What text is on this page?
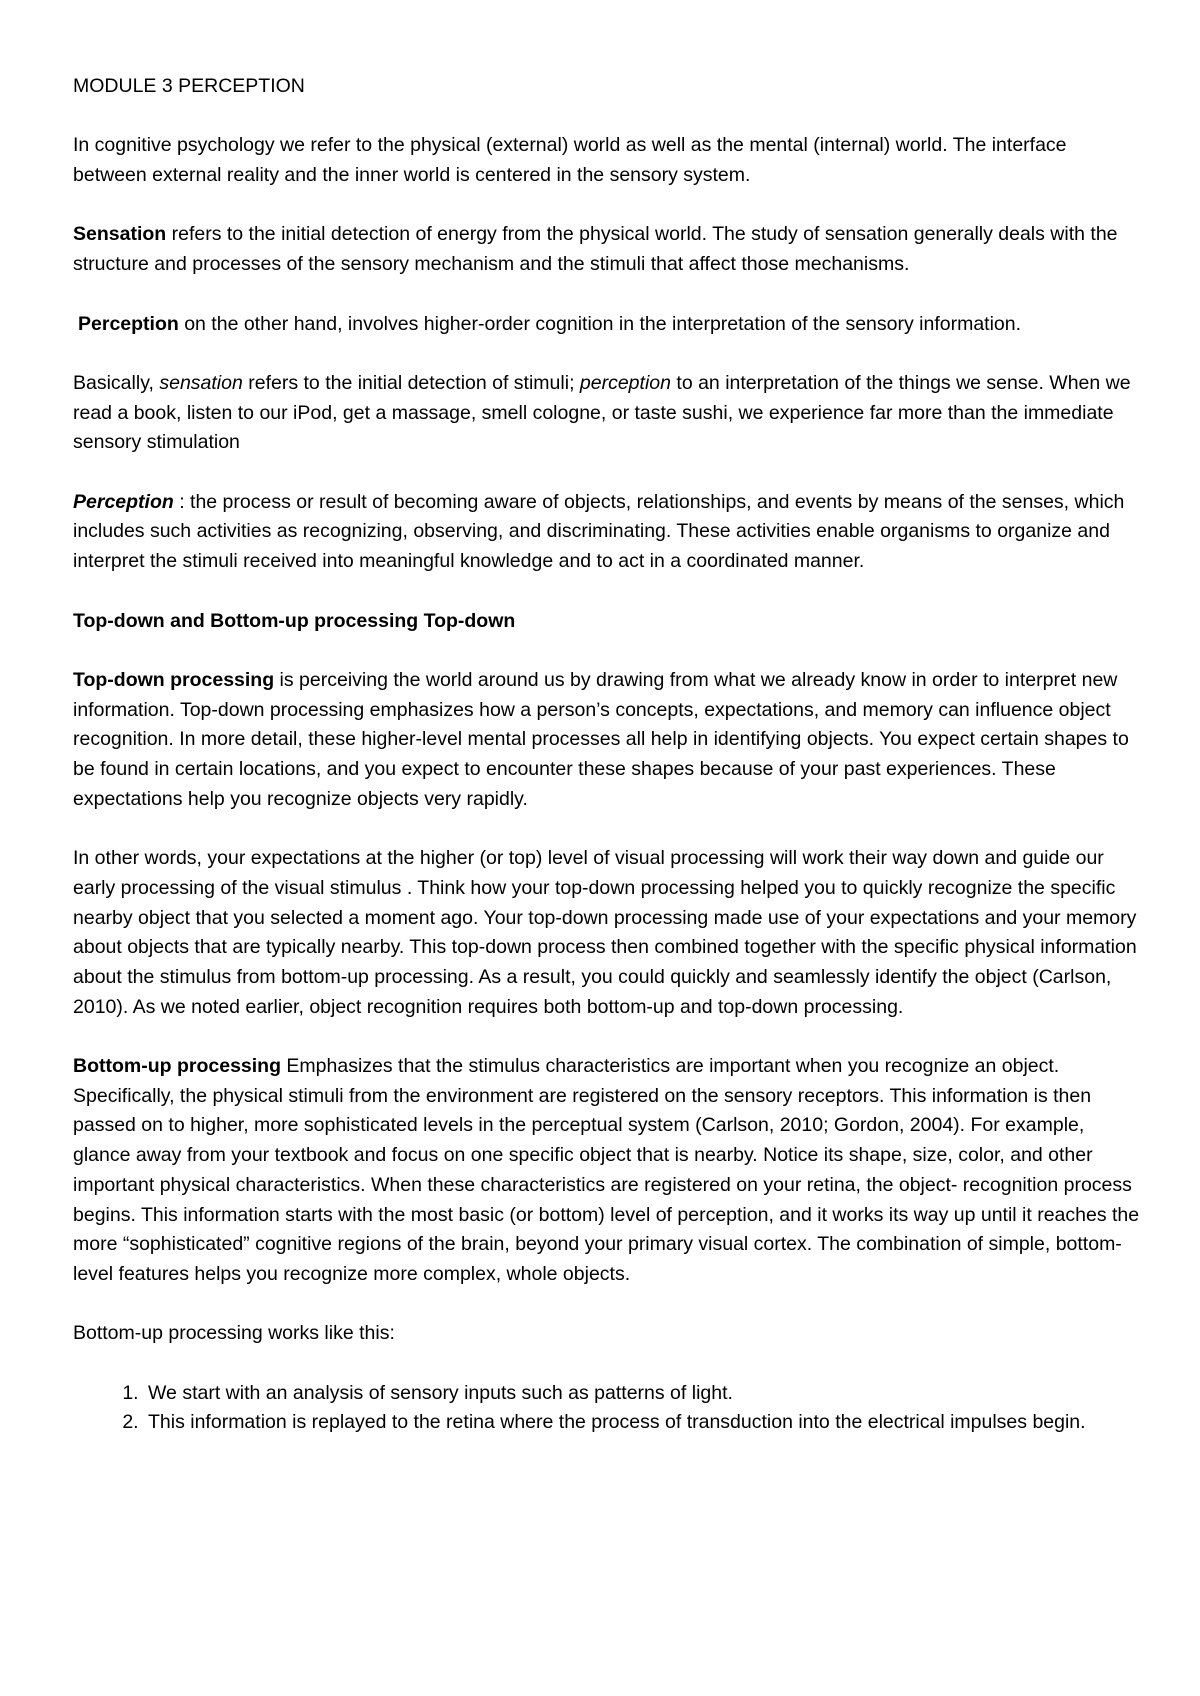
MODULE 3 PERCEPTION

In cognitive psychology we refer to the physical (external) world as well as the mental (internal) world. The interface between external reality and the inner world is centered in the sensory system.

Sensation refers to the initial detection of energy from the physical world. The study of sensation generally deals with the structure and processes of the sensory mechanism and the stimuli that affect those mechanisms.

Perception on the other hand, involves higher-order cognition in the interpretation of the sensory information.

Basically, sensation refers to the initial detection of stimuli; perception to an interpretation of the things we sense. When we read a book, listen to our iPod, get a massage, smell cologne, or taste sushi, we experience far more than the immediate sensory stimulation

Perception : the process or result of becoming aware of objects, relationships, and events by means of the senses, which includes such activities as recognizing, observing, and discriminating. These activities enable organisms to organize and interpret the stimuli received into meaningful knowledge and to act in a coordinated manner.

Top-down and Bottom-up processing Top-down

Top-down processing is perceiving the world around us by drawing from what we already know in order to interpret new information. Top-down processing emphasizes how a person’s concepts, expectations, and memory can influence object recognition. In more detail, these higher-level mental processes all help in identifying objects. You expect certain shapes to be found in certain locations, and you expect to encounter these shapes because of your past experiences. These expectations help you recognize objects very rapidly.

In other words, your expectations at the higher (or top) level of visual processing will work their way down and guide our early processing of the visual stimulus . Think how your top-down processing helped you to quickly recognize the specific nearby object that you selected a moment ago. Your top-down processing made use of your expectations and your memory about objects that are typically nearby. This top-down process then combined together with the specific physical information about the stimulus from bottom-up processing. As a result, you could quickly and seamlessly identify the object (Carlson, 2010). As we noted earlier, object recognition requires both bottom-up and top-down processing.

Bottom-up processing Emphasizes that the stimulus characteristics are important when you recognize an object. Specifically, the physical stimuli from the environment are registered on the sensory receptors. This information is then passed on to higher, more sophisticated levels in the perceptual system (Carlson, 2010; Gordon, 2004). For example, glance away from your textbook and focus on one specific object that is nearby. Notice its shape, size, color, and other important physical characteristics. When these characteristics are registered on your retina, the object- recognition process begins. This information starts with the most basic (or bottom) level of perception, and it works its way up until it reaches the more “sophisticated” cognitive regions of the brain, beyond your primary visual cortex. The combination of simple, bottom-level features helps you recognize more complex, whole objects.

Bottom-up processing works like this:

1. We start with an analysis of sensory inputs such as patterns of light.
2. This information is replayed to the retina where the process of transduction into the electrical impulses begin.
